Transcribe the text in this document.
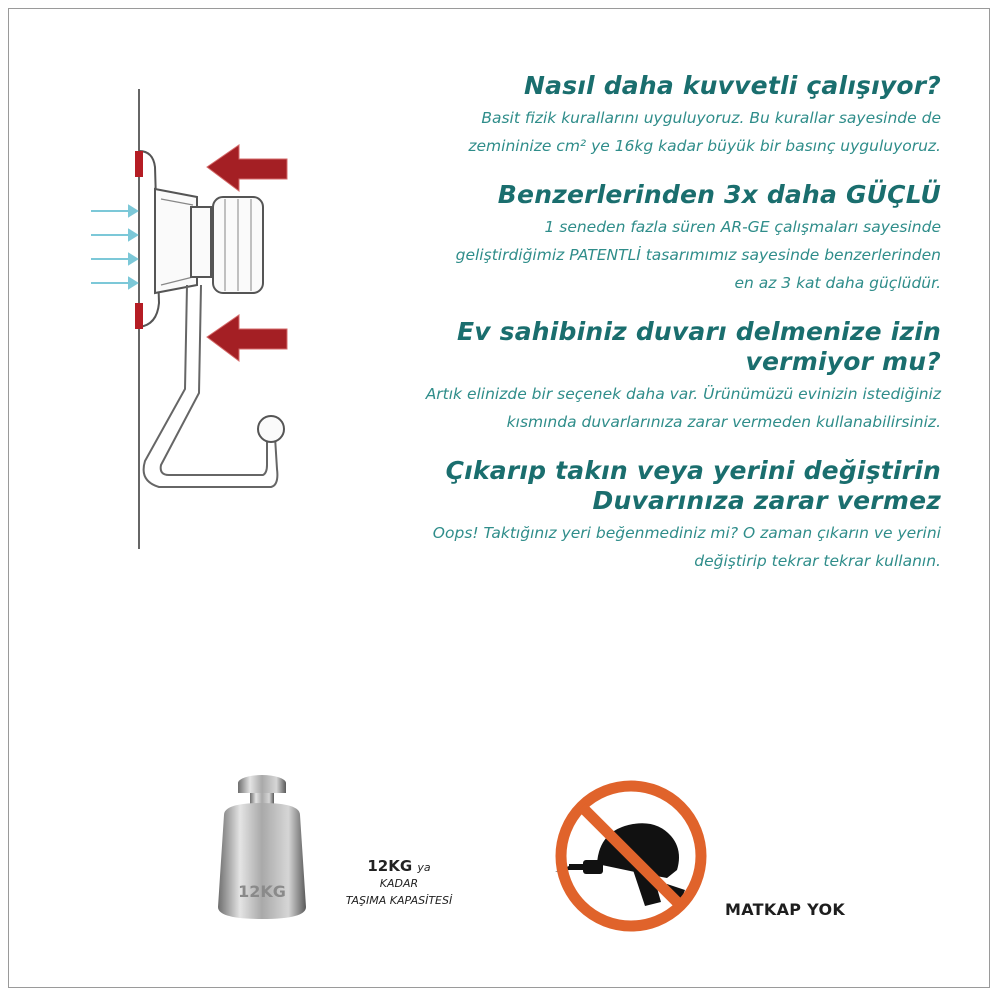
Nasıl daha kuvvetli çalışıyor?

Basit fizik kurallarını uyguluyoruz. Bu kurallar sayesinde de
zemininize cm² ye 16kg kadar büyük bir basınç uyguluyoruz.

Benzerlerinden 3x daha GÜÇLÜ

1 seneden fazla süren AR-GE çalışmaları sayesinde
geliştirdiğimiz PATENTLİ tasarımımız sayesinde benzerlerinden
en az 3 kat daha güçlüdür.

Ev sahibiniz duvarı delmenize izin
vermiyor mu?

Artık elinizde bir seçenek daha var. Ürünümüzü evinizin istediğiniz
kısmında duvarlarınıza zarar vermeden kullanabilirsiniz.

Çıkarıp takın veya yerini değiştirin
Duvarınıza zarar vermez

Oops! Taktığınız yeri beğenmediniz mi? O zaman çıkarın ve yerini
değiştirip tekrar tekrar kullanın.

12KG
12KG ya
KADAR
TAŞIMA KAPASİTESİ	MATKAP YOK
